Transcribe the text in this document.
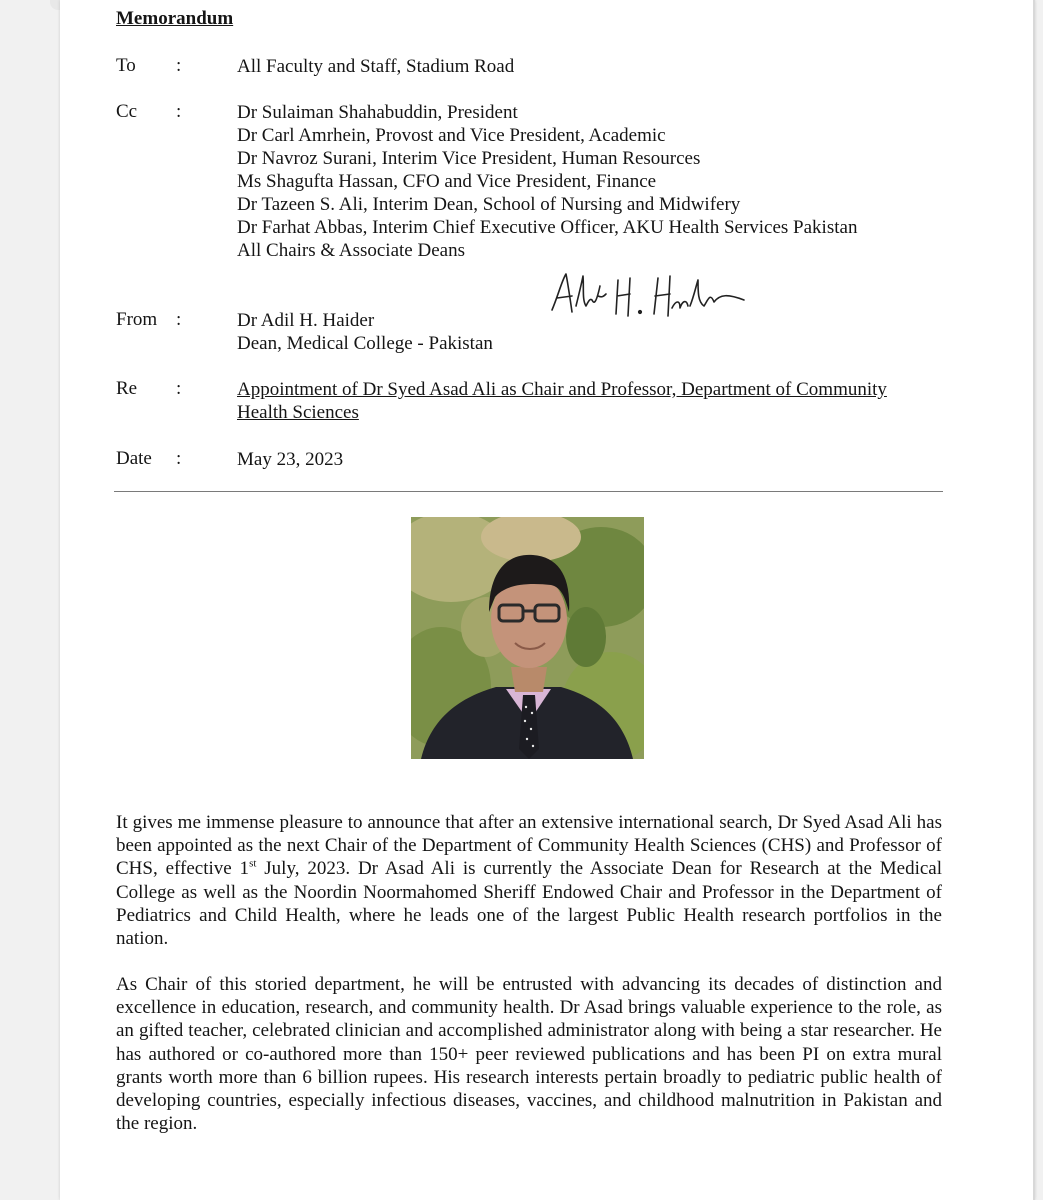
Memorandum
To :	All Faculty and Staff, Stadium Road
Cc :	Dr Sulaiman Shahabuddin, President
Dr Carl Amrhein, Provost and Vice President, Academic
Dr Navroz Surani, Interim Vice President, Human Resources
Ms Shagufta Hassan, CFO and Vice President, Finance
Dr Tazeen S. Ali, Interim Dean, School of Nursing and Midwifery
Dr Farhat Abbas, Interim Chief Executive Officer, AKU Health Services Pakistan
All Chairs & Associate Deans
From :	Dr Adil H. Haider
Dean, Medical College - Pakistan
Re :	Appointment of Dr Syed Asad Ali as Chair and Professor, Department of Community Health Sciences
Date :	May 23, 2023

It gives me immense pleasure to announce that after an extensive international search, Dr Syed Asad Ali has been appointed as the next Chair of the Department of Community Health Sciences (CHS) and Professor of CHS, effective 1st July, 2023. Dr Asad Ali is currently the Associate Dean for Research at the Medical College as well as the Noordin Noormahomed Sheriff Endowed Chair and Professor in the Department of Pediatrics and Child Health, where he leads one of the largest Public Health research portfolios in the nation.

As Chair of this storied department, he will be entrusted with advancing its decades of distinction and excellence in education, research, and community health. Dr Asad brings valuable experience to the role, as an gifted teacher, celebrated clinician and accomplished administrator along with being a star researcher. He has authored or co-authored more than 150+ peer reviewed publications and has been PI on extra mural grants worth more than 6 billion rupees. His research interests pertain broadly to pediatric public health of developing countries, especially infectious diseases, vaccines, and childhood malnutrition in Pakistan and the region.
